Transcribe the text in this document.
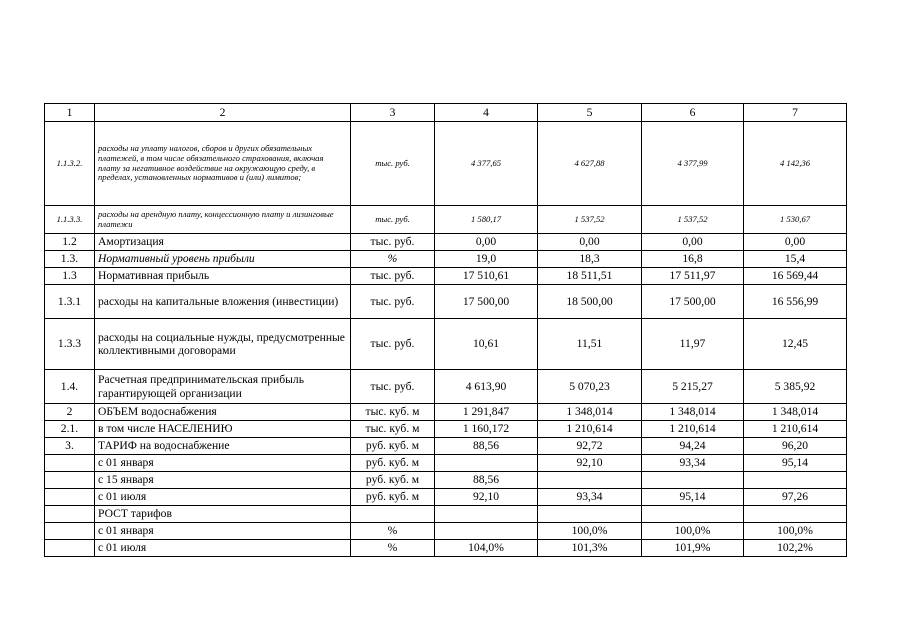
1	2	3	4	5	6	7
1.1.3.2.	расходы на уплату налогов, сборов и других обязательных платежей, в том числе обязательного страхования, включая плату за негативное воздействие на окружающую среду, в пределах, установленных нормативов и (или) лимитов;	тыс. руб.	4 377,65	4 627,88	4 377,99	4 142,36
1.1.3.3.	расходы на арендную плату, концессионную плату и лизинговые платежи	тыс. руб.	1 580,17	1 537,52	1 537,52	1 530,67
1.2	Амортизация	тыс. руб.	0,00	0,00	0,00	0,00
1.3.	Нормативный уровень прибыли	%	19,0	18,3	16,8	15,4
1.3	Нормативная прибыль	тыс. руб.	17 510,61	18 511,51	17 511,97	16 569,44
1.3.1	расходы на капитальные вложения (инвестиции)	тыс. руб.	17 500,00	18 500,00	17 500,00	16 556,99
1.3.3	расходы на социальные нужды, предусмотренные коллективными договорами	тыс. руб.	10,61	11,51	11,97	12,45
1.4.	Расчетная предпринимательская прибыль гарантирующей организации	тыс. руб.	4 613,90	5 070,23	5 215,27	5 385,92
2	ОБЪЕМ водоснабжения	тыс. куб. м	1 291,847	1 348,014	1 348,014	1 348,014
2.1.	в том числе НАСЕЛЕНИЮ	тыс. куб. м	1 160,172	1 210,614	1 210,614	1 210,614
3.	ТАРИФ на водоснабжение	руб. куб. м	88,56	92,72	94,24	96,20
	с 01 января	руб. куб. м		92,10	93,34	95,14
	с 15 января	руб. куб. м	88,56			
	с 01 июля	руб. куб. м	92,10	93,34	95,14	97,26
	РОСТ тарифов					
	с 01 января	%		100,0%	100,0%	100,0%
	с 01 июля	%	104,0%	101,3%	101,9%	102,2%
